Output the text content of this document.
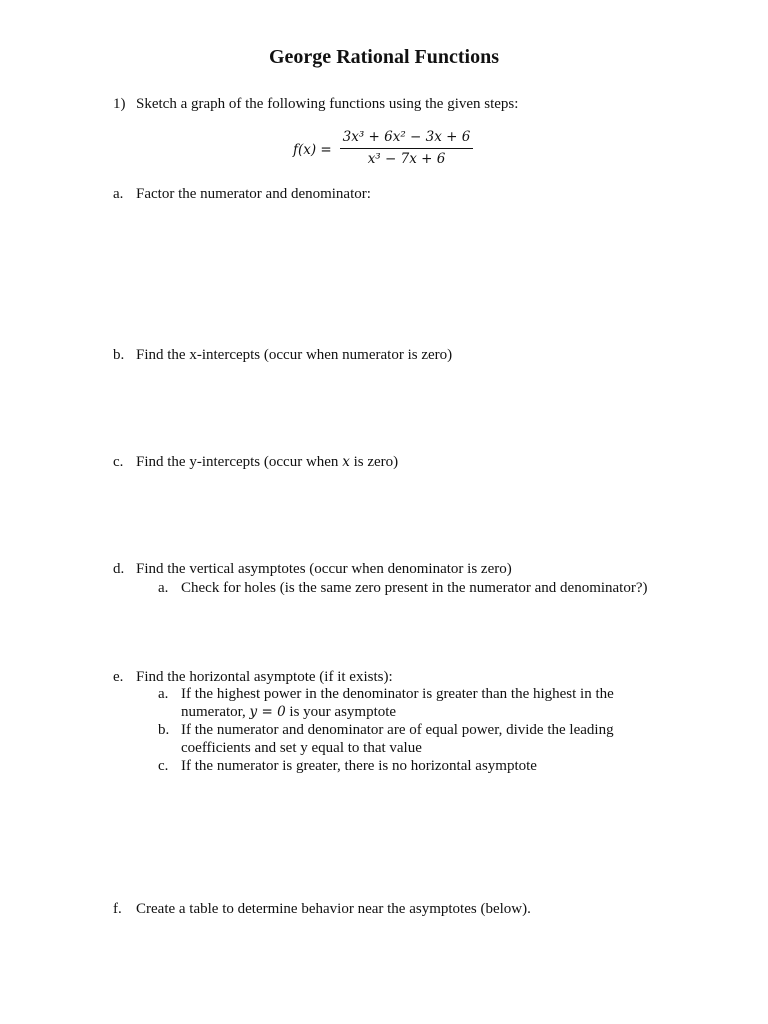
George Rational Functions
1) Sketch a graph of the following functions using the given steps:
f(x) =
3x³ + 6x² − 3x + 6
x³ − 7x + 6
a. Factor the numerator and denominator:
b. Find the x-intercepts (occur when numerator is zero)
c. Find the y-intercepts (occur when x is zero)
d. Find the vertical asymptotes (occur when denominator is zero)
a. Check for holes (is the same zero present in the numerator and denominator?)
e. Find the horizontal asymptote (if it exists):
a. If the highest power in the denominator is greater than the highest in the
numerator, y = 0 is your asymptote
b. If the numerator and denominator are of equal power, divide the leading
coefficients and set y equal to that value
c. If the numerator is greater, there is no horizontal asymptote
f. Create a table to determine behavior near the asymptotes (below).
